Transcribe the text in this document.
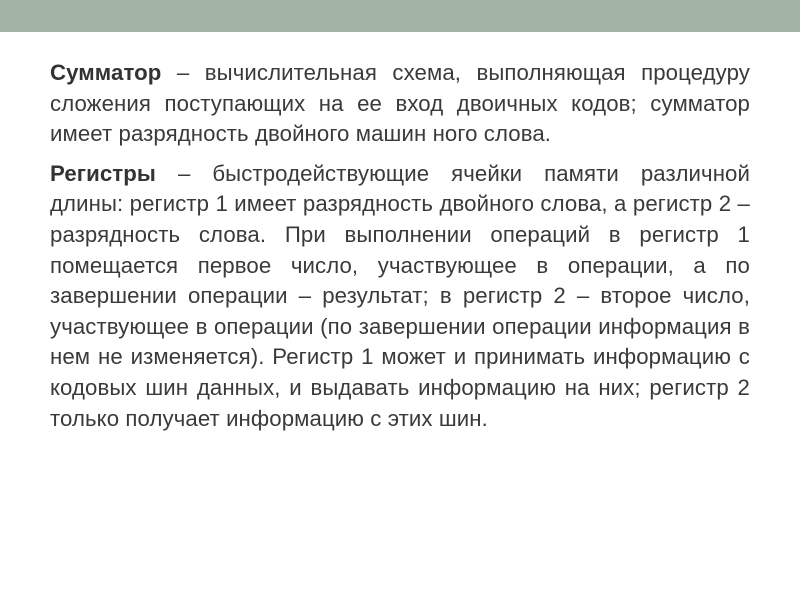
Сумматор – вычислительная схема, выполняющая процедуру сложения поступающих на ее вход двоичных кодов; сумматор имеет разрядность двойного машин ного слова.

Регистры – быстродействующие ячейки памяти различной длины: регистр 1 имеет разрядность двойного слова, а регистр 2 – разрядность слова. При выполнении операций в регистр 1 помещается первое число, участвующее в операции, а по завершении операции – результат; в регистр 2 – второе число, участвующее в операции (по завершении операции информация в нем не изменяется). Регистр 1 может и принимать информацию с кодовых шин данных, и выдавать информацию на них; регистр 2 только получает информацию с этих шин.
